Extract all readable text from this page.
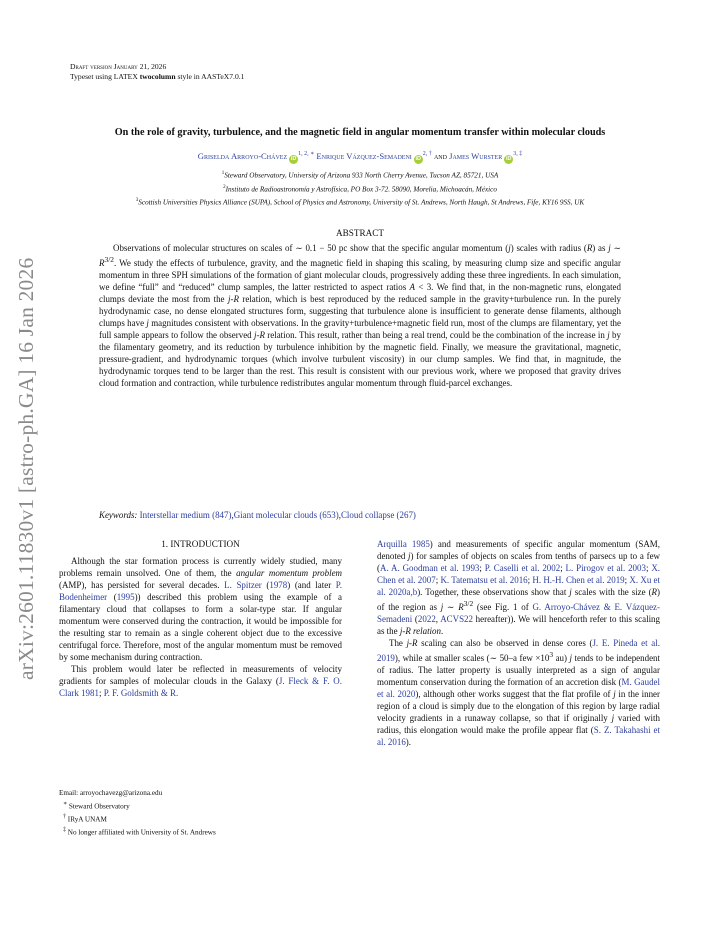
arXiv:2601.11830v1 [astro-ph.GA] 16 Jan 2026
Draft version January 21, 2026
Typeset using LATEX twocolumn style in AASTeX7.0.1
On the role of gravity, turbulence, and the magnetic field in angular momentum transfer within molecular clouds
Griselda Arroyo-Chávez $iD^{1, 2, ∗}$ Enrique Vázquez-Semadeni $iD^{2, \dagger}$ and James Wurster $iD^{3, \ddagger}$
$^1$Steward Observatory, University of Arizona 933 North Cherry Avenue, Tucson AZ, 85721, USA
$^2$Instituto de Radioastronomía y Astrofísica, PO Box 3-72. 58090, Morelia, Michoacán, México
$^3$Scottish Universities Physics Alliance (SUPA), School of Physics and Astronomy, University of St. Andrews, North Haugh, St Andrews, Fife, KY16 9SS, UK
ABSTRACT

Observations of molecular structures on scales of ∼ 0.1 − 50 pc show that the specific angular momentum (j) scales with radius (R) as j ∼ $R^{3/2}$. We study the effects of turbulence, gravity, and the magnetic field in shaping this scaling, by measuring clump size and specific angular momentum in three SPH simulations of the formation of giant molecular clouds, progressively adding these three ingredients. In each simulation, we define “full” and “reduced” clump samples, the latter restricted to aspect ratios A < 3. We find that, in the non-magnetic runs, elongated clumps deviate the most from the j-R relation, which is best reproduced by the reduced sample in the gravity+turbulence run. In the purely hydrodynamic case, no dense elongated structures form, suggesting that turbulence alone is insufficient to generate dense filaments, although clumps have j magnitudes consistent with observations. In the gravity+turbulence+magnetic field run, most of the clumps are filamentary, yet the full sample appears to follow the observed j-R relation. This result, rather than being a real trend, could be the combination of the increase in j by the filamentary geometry, and its reduction by turbulence inhibition by the magnetic field. Finally, we measure the gravitational, magnetic, pressure-gradient, and hydrodynamic torques (which involve turbulent viscosity) in our clump samples. We find that, in magnitude, the hydrodynamic torques tend to be larger than the rest. This result is consistent with our previous work, where we proposed that gravity drives cloud formation and contraction, while turbulence redistributes angular momentum through fluid-parcel exchanges.

Keywords: Interstellar medium (847),Giant molecular clouds (653),Cloud collapse (267)
1. INTRODUCTION

Although the star formation process is currently widely studied, many problems remain unsolved. One of them, the angular momentum problem (AMP), has persisted for several decades. L. Spitzer (1978) (and later P. Bodenheimer (1995)) described this problem using the example of a filamentary cloud that collapses to form a solar-type star. If angular momentum were conserved during the contraction, it would be impossible for the resulting star to remain as a single coherent object due to the excessive centrifugal force. Therefore, most of the angular momentum must be removed by some mechanism during contraction.

This problem would later be reflected in measurements of velocity gradients for samples of molecular clouds in the Galaxy (J. Fleck & F. O. Clark 1981; P. F. Goldsmith & R.

Arquilla 1985) and measurements of specific angular momentum (SAM, denoted j) for samples of objects on scales from tenths of parsecs up to a few (A. A. Goodman et al. 1993; P. Caselli et al. 2002; L. Pirogov et al. 2003; X. Chen et al. 2007; K. Tatematsu et al. 2016; H. H.-H. Chen et al. 2019; X. Xu et al. 2020a,b). Together, these observations show that j scales with the size (R) of the region as j ∼ $R^{3/2}$ (see Fig. 1 of G. Arroyo-Chávez & E. Vázquez-Semadeni (2022, ACVS22 hereafter)). We will henceforth refer to this scaling as the j-R relation.

The j-R scaling can also be observed in dense cores (J. E. Pineda et al. 2019), while at smaller scales (∼ 50–a few $\times 10^3$ au) j tends to be independent of radius. The latter property is usually interpreted as a sign of angular momentum conservation during the formation of an accretion disk (M. Gaudel et al. 2020), although other works suggest that the flat profile of j in the inner region of a cloud is simply due to the elongation of this region by large radial velocity gradients in a runaway collapse, so that if originally j varied with radius, this elongation would make the profile appear flat (S. Z. Takahashi et al. 2016).

Email: arroyochavezg@arizona.edu
∗ Steward Observatory
† IRyA UNAM
‡ No longer affiliated with University of St. Andrews
